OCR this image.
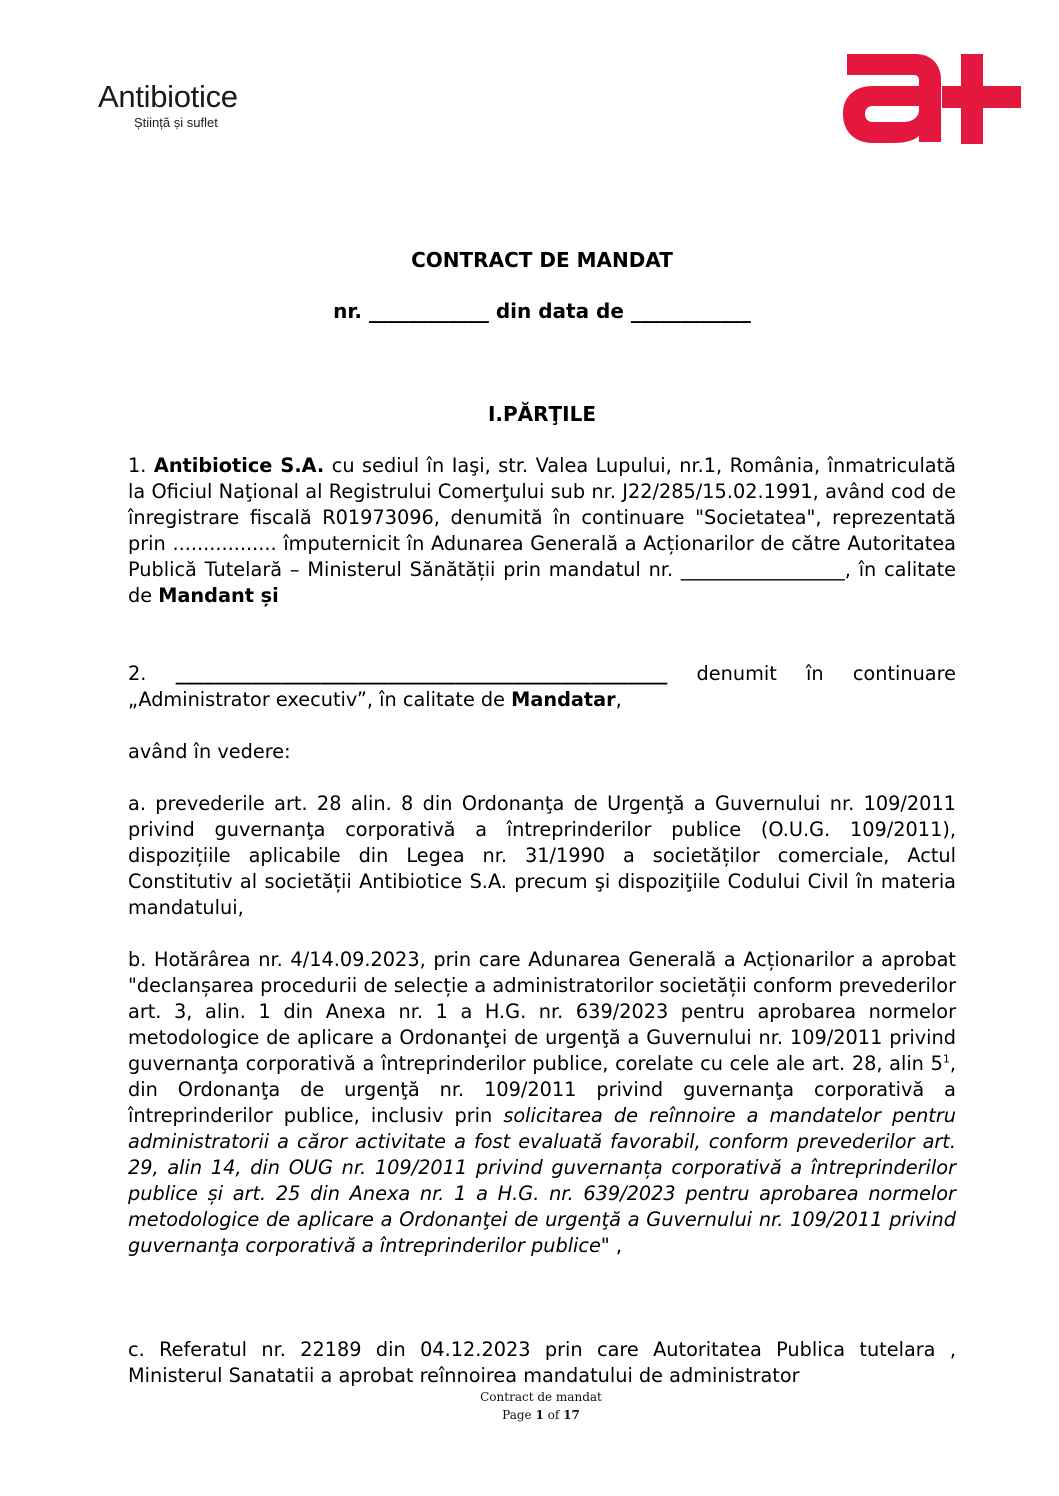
Antibiotice
Știință și suflet
CONTRACT DE MANDAT
nr. ____________ din data de ____________
I.PĂRŢILE
1. Antibiotice S.A. cu sediul în Iaşi, str. Valea Lupului, nr.1, România, înmatriculată la Oficiul Naţional al Registrului Comerţului sub nr. J22/285/15.02.1991, având cod de înregistrare fiscală R01973096, denumită în continuare "Societatea", reprezentată prin ................. împuternicit în Adunarea Generală a Acționarilor de către Autoritatea Publică Tutelară – Ministerul Sănătății prin mandatul nr. _________________, în calitate de Mandant și
2. ___________________________________________________ denumit în continuare „Administrator executiv”, în calitate de Mandatar,
având în vedere:
a. prevederile art. 28 alin. 8 din Ordonanţa de Urgenţă a Guvernului nr. 109/2011 privind guvernanţa corporativă a întreprinderilor publice (O.U.G. 109/2011), dispozițiile aplicabile din Legea nr. 31/1990 a societăților comerciale, Actul Constitutiv al societății Antibiotice S.A. precum şi dispoziţiile Codului Civil în materia mandatului,
b. Hotărârea nr. 4/14.09.2023, prin care Adunarea Generală a Acționarilor a aprobat "declanșarea procedurii de selecție a administratorilor societății conform prevederilor art. 3, alin. 1 din Anexa nr. 1 a H.G. nr. 639/2023 pentru aprobarea normelor metodologice de aplicare a Ordonanţei de urgenţă a Guvernului nr. 109/2011 privind guvernanţa corporativă a întreprinderilor publice, corelate cu cele ale art. 28, alin $5^1$, din Ordonanţa de urgenţă nr. 109/2011 privind guvernanţa corporativă a întreprinderilor publice, inclusiv prin solicitarea de reînnoire a mandatelor pentru administratorii a căror activitate a fost evaluată favorabil, conform prevederilor art. 29, alin 14, din OUG nr. 109/2011 privind guvernanța corporativă a întreprinderilor publice și art. 25 din Anexa nr. 1 a H.G. nr. 639/2023 pentru aprobarea normelor metodologice de aplicare a Ordonanţei de urgenţă a Guvernului nr. 109/2011 privind guvernanţa corporativă a întreprinderilor publice" ,
c. Referatul nr. 22189 din 04.12.2023 prin care Autoritatea Publica tutelara , Ministerul Sanatatii a aprobat reînnoirea mandatului de administrator
Contract de mandat
Page 1 of 17
